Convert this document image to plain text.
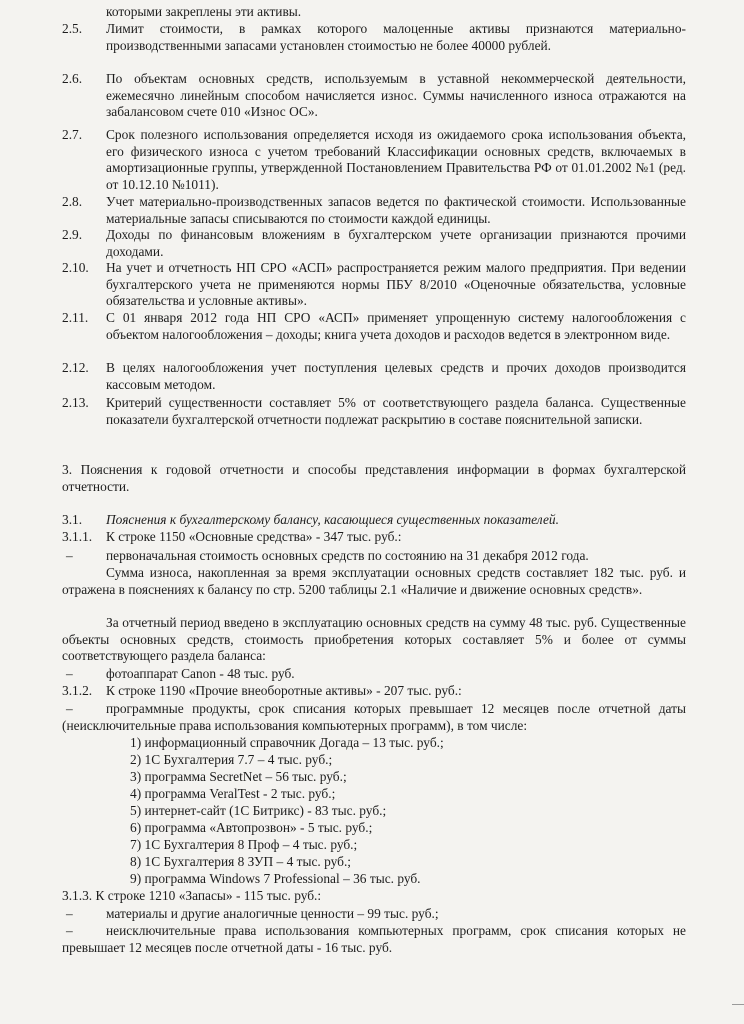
которыми закреплены эти активы.
2.5. Лимит стоимости, в рамках которого малоценные активы признаются материально-производственными запасами установлен стоимостью не более 40000 рублей.
2.6. По объектам основных средств, используемым в уставной некоммерческой деятельности, ежемесячно линейным способом начисляется износ. Суммы начисленного износа отражаются на забалансовом счете 010 «Износ ОС».
2.7. Срок полезного использования определяется исходя из ожидаемого срока использования объекта, его физического износа с учетом требований Классификации основных средств, включаемых в амортизационные группы, утвержденной Постановлением Правительства РФ от 01.01.2002 №1 (ред. от 10.12.10 №1011).
2.8. Учет материально-производственных запасов ведется по фактической стоимости. Использованные материальные запасы списываются по стоимости каждой единицы.
2.9. Доходы по финансовым вложениям в бухгалтерском учете организации признаются прочими доходами.
2.10. На учет и отчетность НП СРО «АСП» распространяется режим малого предприятия. При ведении бухгалтерского учета не применяются нормы ПБУ 8/2010 «Оценочные обязательства, условные обязательства и условные активы».
2.11. С 01 января 2012 года НП СРО «АСП» применяет упрощенную систему налогообложения с объектом налогообложения – доходы; книга учета доходов и расходов ведется в электронном виде.
2.12. В целях налогообложения учет поступления целевых средств и прочих доходов производится кассовым методом.
2.13. Критерий существенности составляет 5% от соответствующего раздела баланса. Существенные показатели бухгалтерской отчетности подлежат раскрытию в составе пояснительной записки.
3. Пояснения к годовой отчетности и способы представления информации в формах бухгалтерской отчетности.
3.1. Пояснения к бухгалтерскому балансу, касающиеся существенных показателей.
3.1.1. К строке 1150 «Основные средства» - 347 тыс. руб.:
– первоначальная стоимость основных средств по состоянию на 31 декабря 2012 года.
Сумма износа, накопленная за время эксплуатации основных средств составляет 182 тыс. руб. и отражена в пояснениях к балансу по стр. 5200 таблицы 2.1 «Наличие и движение основных средств».
За отчетный период введено в эксплуатацию основных средств на сумму 48 тыс. руб. Существенные объекты основных средств, стоимость приобретения которых составляет 5% и более от суммы соответствующего раздела баланса:
– фотоаппарат Canon - 48 тыс. руб.
3.1.2. К строке 1190 «Прочие внеоборотные активы» - 207 тыс. руб.:
–	программные продукты, срок списания которых превышает 12 месяцев после отчетной даты (неисключительные права использования компьютерных программ), в том числе:
1) информационный справочник Догада – 13 тыс. руб.;
2) 1С Бухгалтерия 7.7 – 4 тыс. руб.;
3) программа SecretNet – 56 тыс. руб.;
4) программа VeralTest - 2 тыс. руб.;
5) интернет-сайт (1С Битрикс) - 83 тыс. руб.;
6) программа «Автопрозвон» - 5 тыс. руб.;
7) 1С Бухгалтерия 8 Проф – 4 тыс. руб.;
8) 1С Бухгалтерия 8 ЗУП – 4 тыс. руб.;
9) программа Windows 7 Professional – 36 тыс. руб.
3.1.3. К строке 1210 «Запасы» - 115 тыс. руб.:
– материалы и другие аналогичные ценности – 99 тыс. руб.;
–	неисключительные права использования компьютерных программ, срок списания которых не превышает 12 месяцев после отчетной даты - 16 тыс. руб.
